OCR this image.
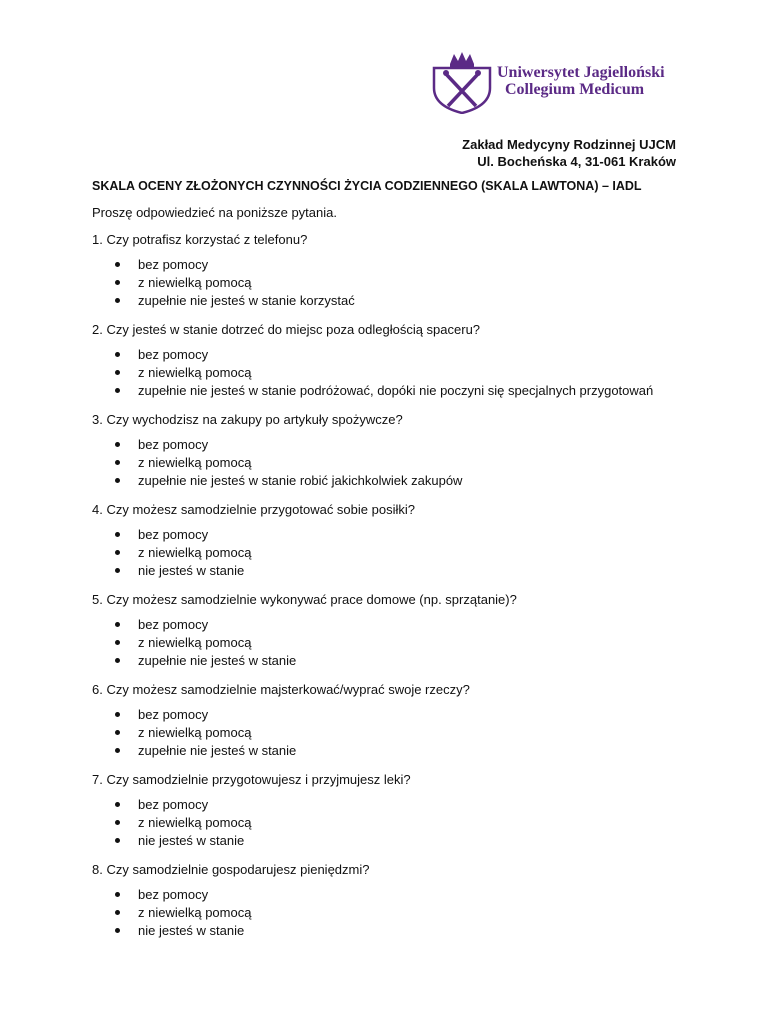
Uniwersytet Jagielloński
Collegium Medicum
Zakład Medycyny Rodzinnej UJCM
Ul. Bocheńska 4, 31-061 Kraków
SKALA OCENY ZŁOŻONYCH CZYNNOŚCI ŻYCIA CODZIENNEGO (SKALA LAWTONA) – IADL
Proszę odpowiedzieć na poniższe pytania.
1. Czy potrafisz korzystać z telefonu?
bez pomocy
z niewielką pomocą
zupełnie nie jesteś w stanie korzystać
2. Czy jesteś w stanie dotrzeć do miejsc poza odległością spaceru?
bez pomocy
z niewielką pomocą
zupełnie nie jesteś w stanie podróżować, dopóki nie poczyni się specjalnych przygotowań
3. Czy wychodzisz na zakupy po artykuły spożywcze?
bez pomocy
z niewielką pomocą
zupełnie nie jesteś w stanie robić jakichkolwiek zakupów
4. Czy możesz samodzielnie przygotować sobie posiłki?
bez pomocy
z niewielką pomocą
nie jesteś w stanie
5. Czy możesz samodzielnie wykonywać prace domowe (np. sprzątanie)?
bez pomocy
z niewielką pomocą
zupełnie nie jesteś w stanie
6. Czy możesz samodzielnie majsterkować/wyprać swoje rzeczy?
bez pomocy
z niewielką pomocą
zupełnie nie jesteś w stanie
7. Czy samodzielnie przygotowujesz i przyjmujesz leki?
bez pomocy
z niewielką pomocą
nie jesteś w stanie
8. Czy samodzielnie gospodarujesz pieniędzmi?
bez pomocy
z niewielką pomocą
nie jesteś w stanie
